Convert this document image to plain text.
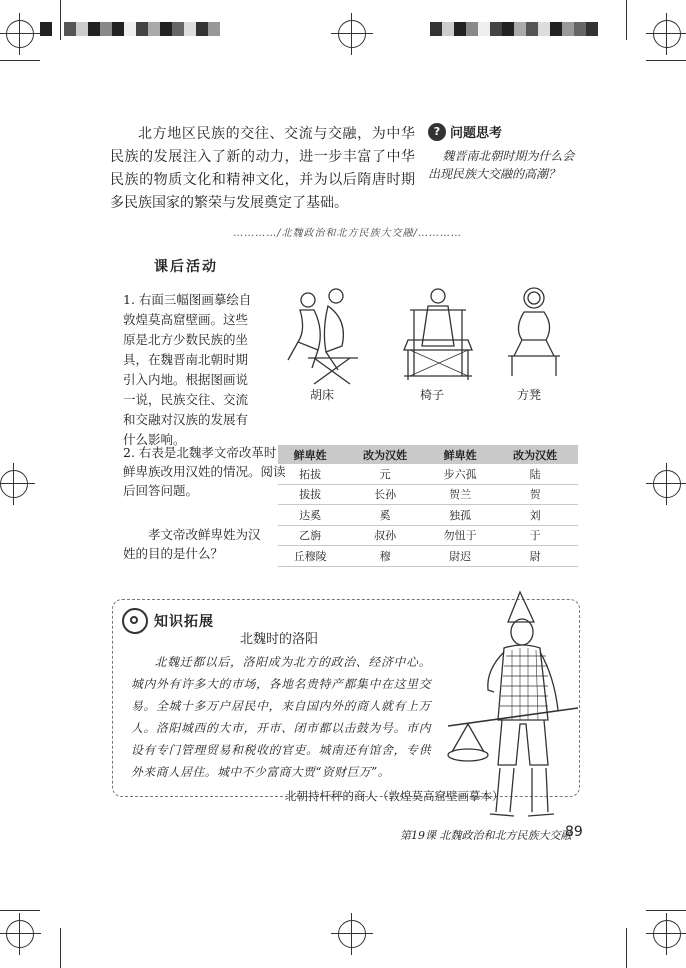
北方地区民族的交往、交流与交融，为中华民族的发展注入了新的动力，进一步丰富了中华民族的物质文化和精神文化，并为以后隋唐时期多民族国家的繁荣与发展奠定了基础。
? 问题思考
魏晋南北朝时期为什么会出现民族大交融的高潮？
…………/北魏政治和北方民族大交融/…………
课后活动
1. 右面三幅图画摹绘自敦煌莫高窟壁画。这些原是北方少数民族的坐具，在魏晋南北朝时期引入内地。根据图画说一说，民族交往、交流和交融对汉族的发展有什么影响。
胡床	椅子	方凳
2. 右表是北魏孝文帝改革时鲜卑族改用汉姓的情况。阅读后回答问题。
孝文帝改鲜卑姓为汉姓的目的是什么？
鲜卑姓	改为汉姓	鲜卑姓	改为汉姓
拓拔	元	步六孤	陆
拔拔	长孙	贺兰	贺
达奚	奚	独孤	刘
乙旃	叔孙	勿忸于	于
丘穆陵	穆	尉迟	尉
知识拓展
北魏时的洛阳
北魏迁都以后，洛阳成为北方的政治、经济中心。城内外有许多大的市场，各地名贵特产都集中在这里交易。全城十多万户居民中，来自国内外的商人就有上万人。洛阳城西的大市，开市、闭市都以击鼓为号。市内设有专门管理贸易和税收的官吏。城南还有馆舍，专供外来商人居住。城中不少富商大贾“资财巨万”。
北朝持杆秤的商人（敦煌莫高窟壁画摹本）
第19课 北魏政治和北方民族大交融
89
